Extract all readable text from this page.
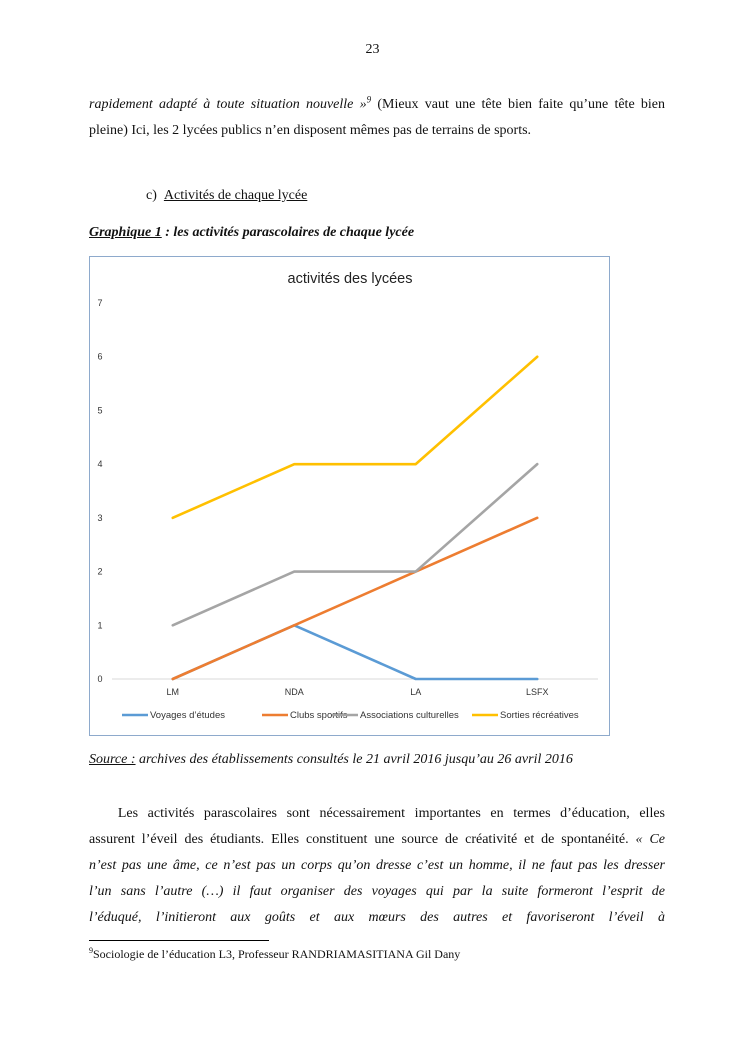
23
rapidement adapté à toute situation nouvelle »$^9$ (Mieux vaut une tête bien faite qu’une tête bien
pleine) Ici, les 2 lycées publics n’en disposent mêmes pas de terrains de sports.
c) Activités de chaque lycée
Graphique 1 : les activités parascolaires de chaque lycée
activités des lycées
0
1
2
3
4
5
6
7
LM	NDA	LA	LSFX
Voyages d’études	Clubs sportifs Associations culturelles	Sorties récréatives
Source : archives des établissements consultés le 21 avril 2016 jusqu’au 26 avril 2016
Les activités parascolaires sont nécessairement importantes en termes d’éducation, elles
assurent l’éveil des étudiants. Elles constituent une source de créativité et de spontanéité. « Ce
n’est pas une âme, ce n’est pas un corps qu’on dresse c’est un homme, il ne faut pas les dresser
l’un sans l’autre (…) il faut organiser des voyages qui par la suite formeront l’esprit de
l’éduqué, l’initieront aux goûts et aux mœurs des autres et favoriseront l’éveil à
$^9$Sociologie de l’éducation L3, Professeur RANDRIAMASITIANA Gil Dany
